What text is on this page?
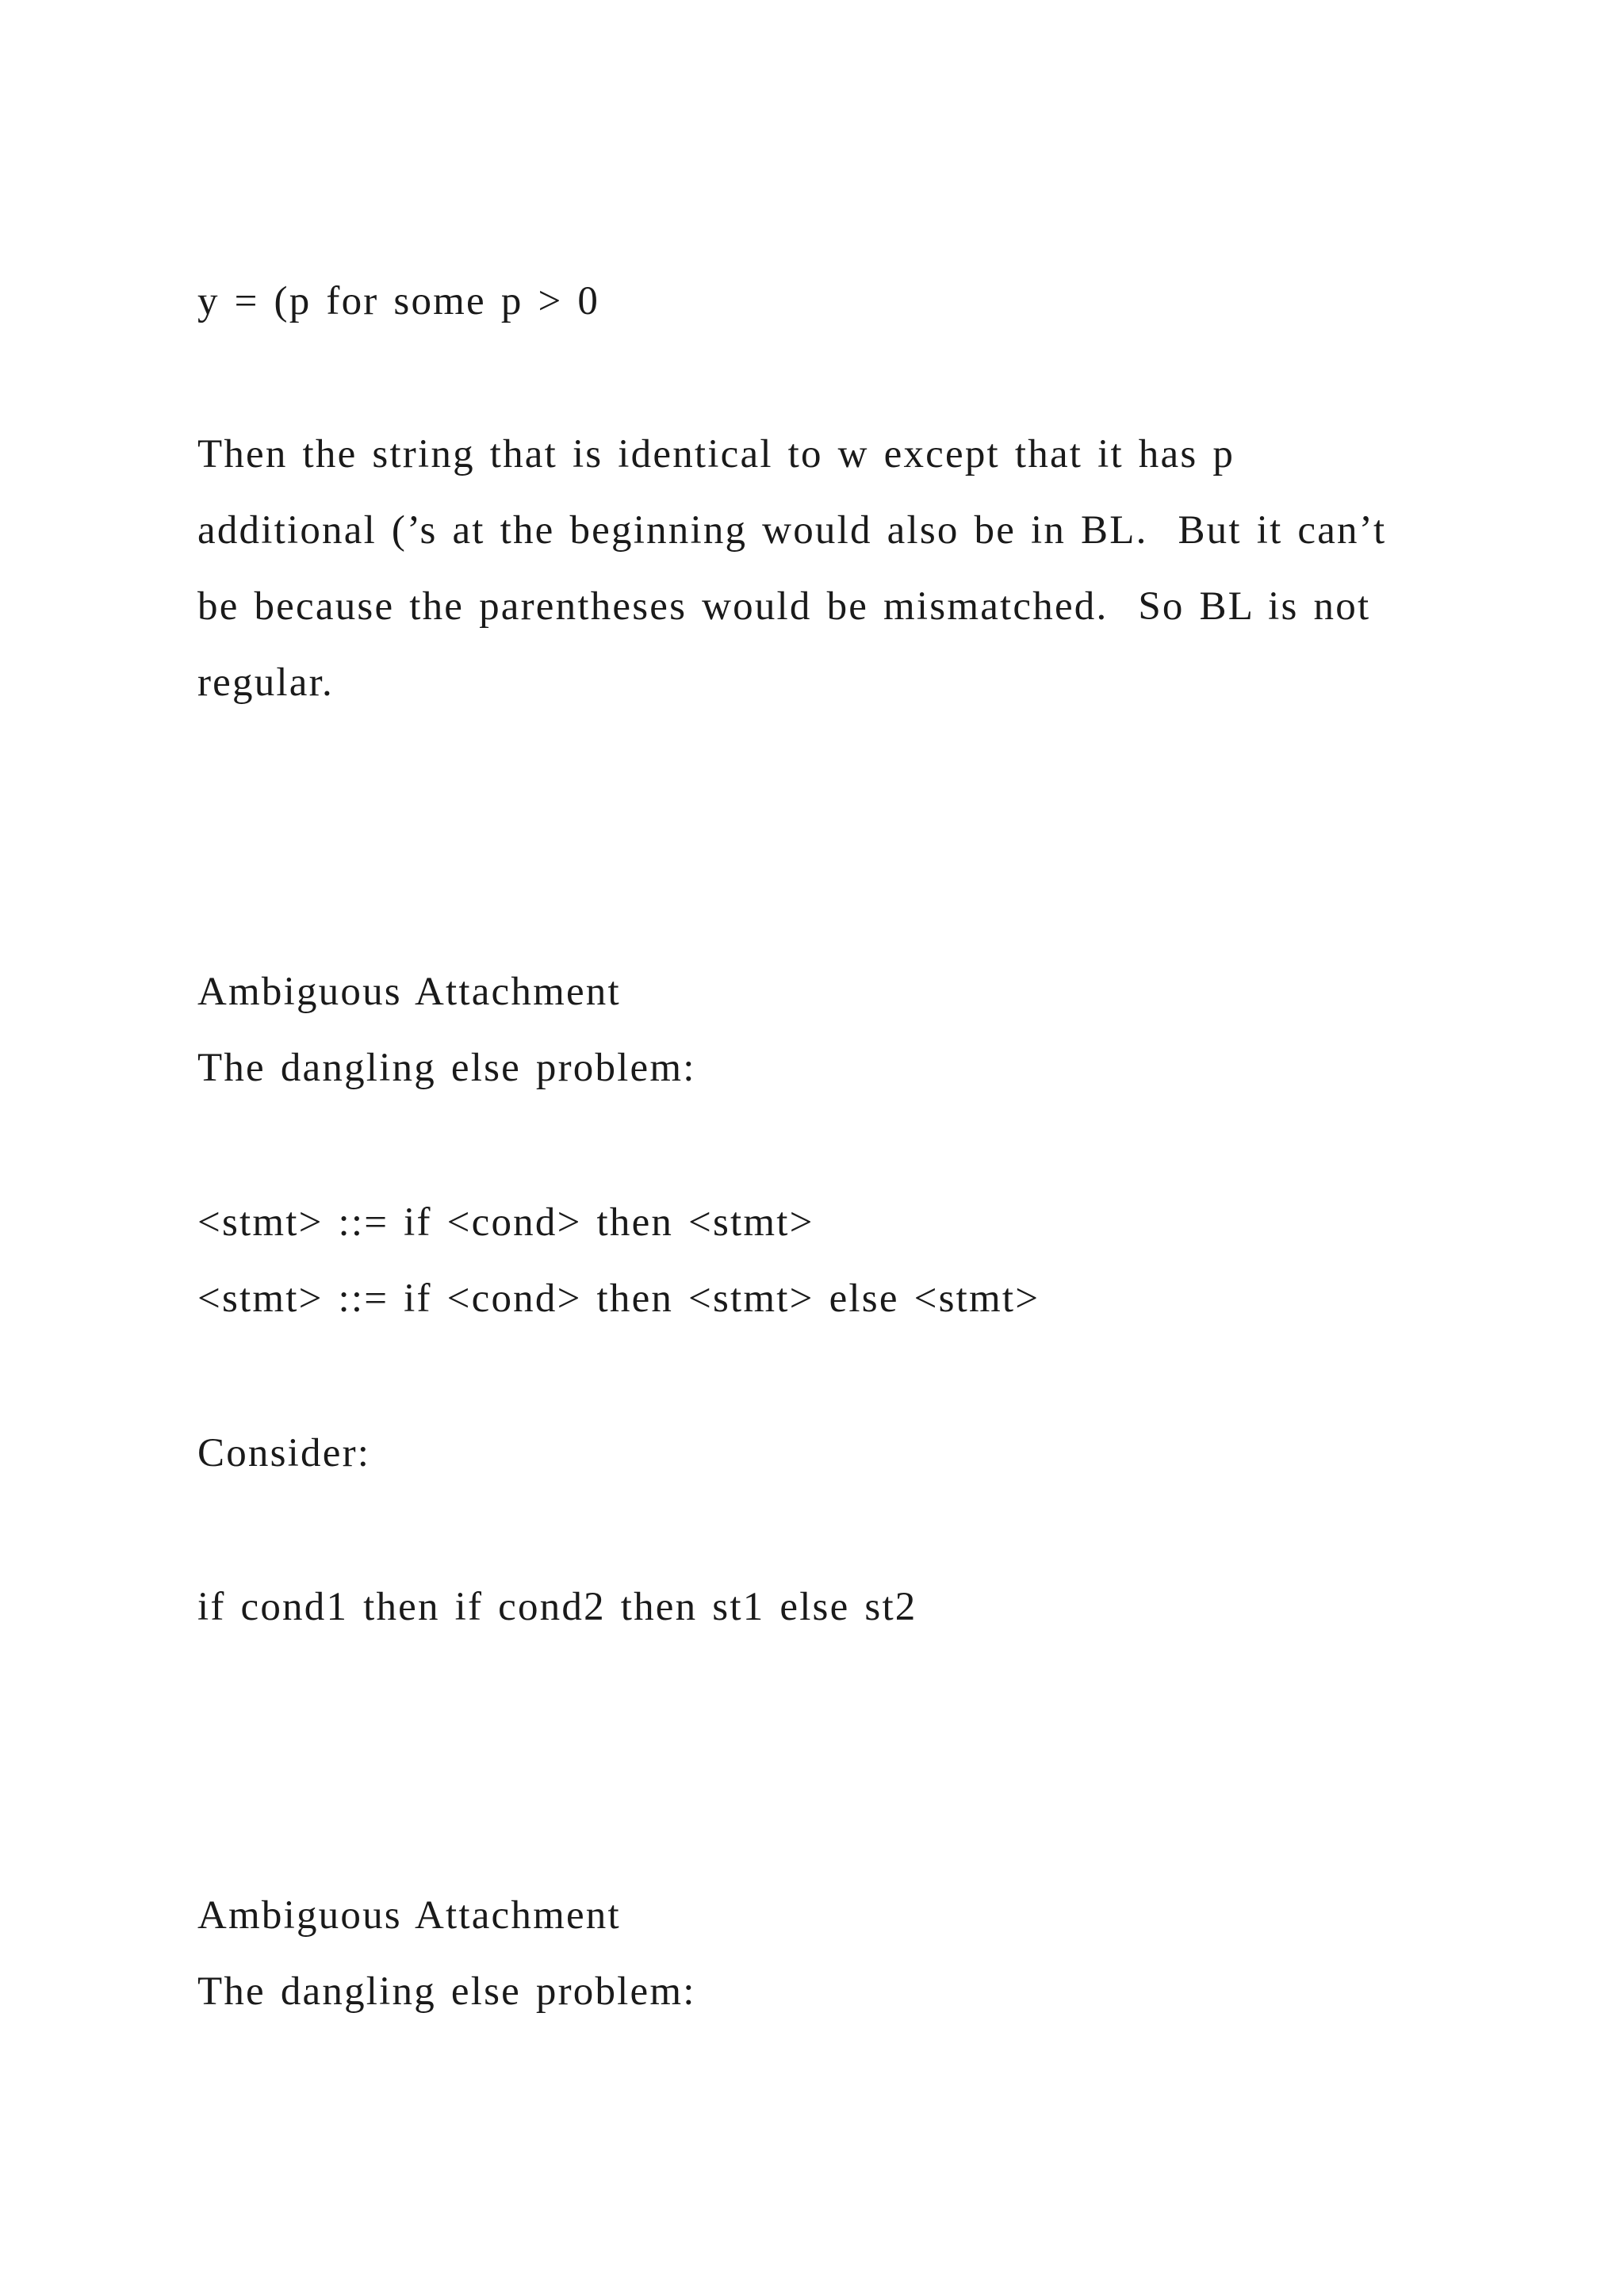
y = (p for some p > 0
Then the string that is identical to w except that it has p
additional (’s at the beginning would also be in BL.  But it can’t
be because the parentheses would be mismatched.  So BL is not
regular.
Ambiguous Attachment
The dangling else problem:
<stmt> ::= if <cond> then <stmt>
<stmt> ::= if <cond> then <stmt> else <stmt>
Consider:
if cond1 then if cond2 then st1 else st2
Ambiguous Attachment
The dangling else problem:
